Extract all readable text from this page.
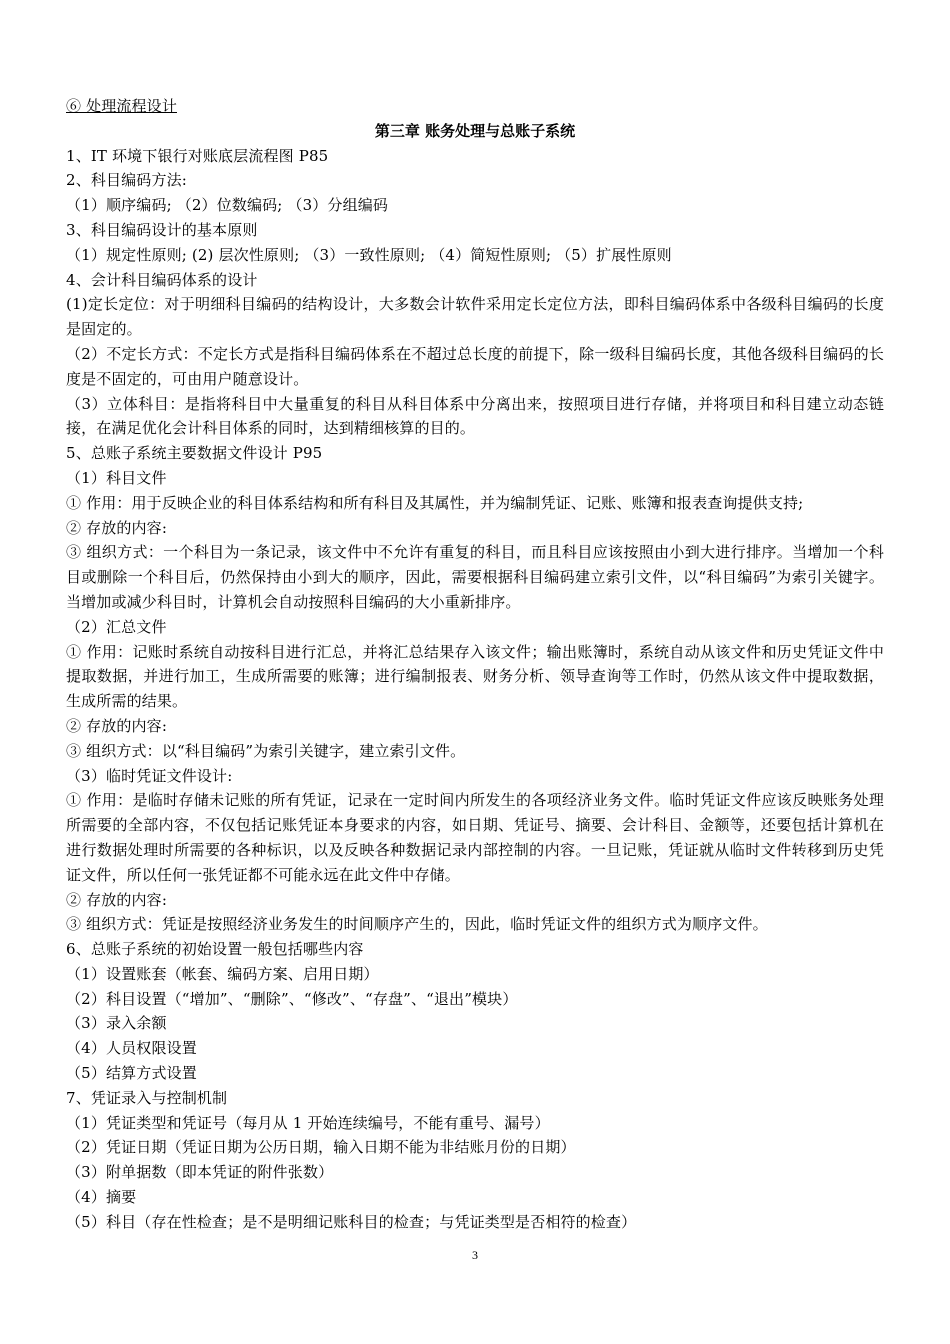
⑥ 处理流程设计

第三章 账务处理与总账子系统

1、IT 环境下银行对账底层流程图 P85

2、科目编码方法:

（1）顺序编码; （2）位数编码; （3）分组编码

3、科目编码设计的基本原则

（1）规定性原则; (2) 层次性原则; （3）一致性原则; （4）简短性原则; （5）扩展性原则

4、会计科目编码体系的设计

(1)定长定位：对于明细科目编码的结构设计，大多数会计软件采用定长定位方法，即科目编码体系中各级科目编码的长度是固定的。

（2）不定长方式：不定长方式是指科目编码体系在不超过总长度的前提下，除一级科目编码长度，其他各级科目编码的长度是不固定的，可由用户随意设计。

（3）立体科目：是指将科目中大量重复的科目从科目体系中分离出来，按照项目进行存储，并将项目和科目建立动态链接，在满足优化会计科目体系的同时，达到精细核算的目的。

5、总账子系统主要数据文件设计 P95

（1）科目文件

① 作用：用于反映企业的科目体系结构和所有科目及其属性，并为编制凭证、记账、账簿和报表查询提供支持;

② 存放的内容:

③ 组织方式：一个科目为一条记录，该文件中不允许有重复的科目，而且科目应该按照由小到大进行排序。当增加一个科目或删除一个科目后，仍然保持由小到大的顺序，因此，需要根据科目编码建立索引文件，以“科目编码”为索引关键字。当增加或减少科目时，计算机会自动按照科目编码的大小重新排序。

（2）汇总文件

① 作用：记账时系统自动按科目进行汇总，并将汇总结果存入该文件；输出账簿时，系统自动从该文件和历史凭证文件中提取数据，并进行加工，生成所需要的账簿；进行编制报表、财务分析、领导查询等工作时，仍然从该文件中提取数据，生成所需的结果。

② 存放的内容:

③ 组织方式：以“科目编码”为索引关键字，建立索引文件。

（3）临时凭证文件设计:

① 作用：是临时存储未记账的所有凭证，记录在一定时间内所发生的各项经济业务文件。临时凭证文件应该反映账务处理所需要的全部内容，不仅包括记账凭证本身要求的内容，如日期、凭证号、摘要、会计科目、金额等，还要包括计算机在进行数据处理时所需要的各种标识，以及反映各种数据记录内部控制的内容。一旦记账，凭证就从临时文件转移到历史凭证文件，所以任何一张凭证都不可能永远在此文件中存储。

② 存放的内容:

③ 组织方式：凭证是按照经济业务发生的时间顺序产生的，因此，临时凭证文件的组织方式为顺序文件。

6、总账子系统的初始设置一般包括哪些内容

（1）设置账套（帐套、编码方案、启用日期）

（2）科目设置（“增加”、“删除”、“修改”、“存盘”、“退出”模块）

（3）录入余额

（4）人员权限设置

（5）结算方式设置

7、凭证录入与控制机制

（1）凭证类型和凭证号（每月从 1 开始连续编号，不能有重号、漏号）

（2）凭证日期（凭证日期为公历日期，输入日期不能为非结账月份的日期）

（3）附单据数（即本凭证的附件张数）

（4）摘要

（5）科目（存在性检查；是不是明细记账科目的检查；与凭证类型是否相符的检查）

3
